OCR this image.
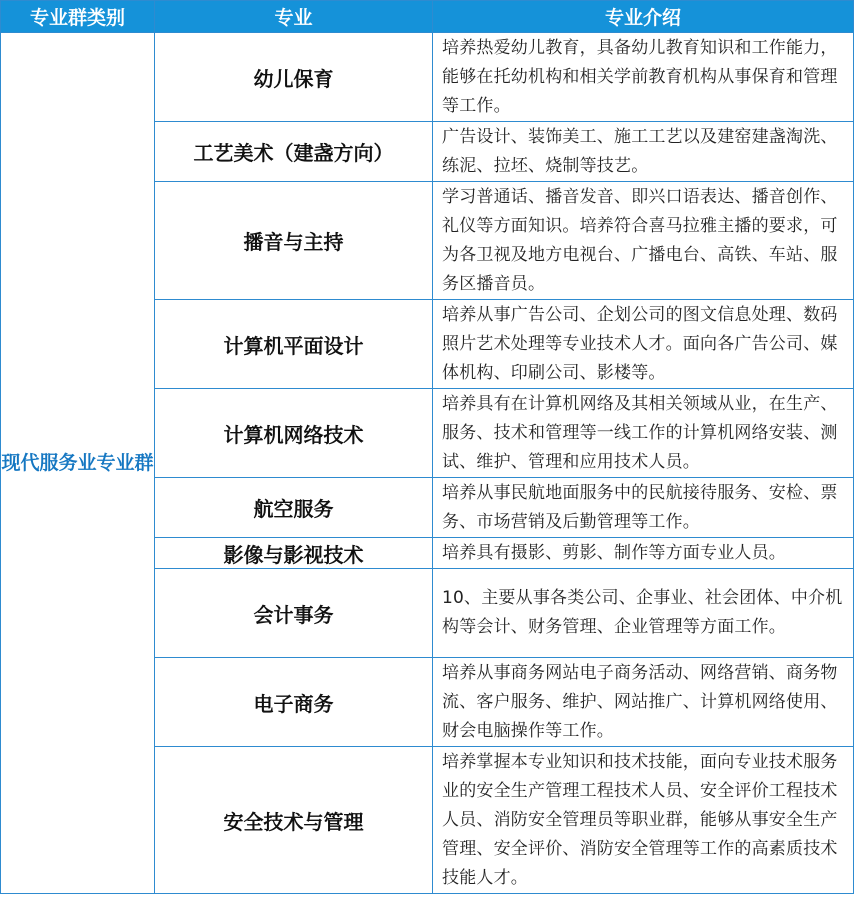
专业群类别	专业	专业介绍
现代服务业专业群	幼儿保育	培养热爱幼儿教育，具备幼儿教育知识和工作能力，能够在托幼机构和相关学前教育机构从事保育和管理等工作。
	工艺美术（建盏方向）	广告设计、装饰美工、施工工艺以及建窑建盏淘洗、练泥、拉坯、烧制等技艺。
	播音与主持	学习普通话、播音发音、即兴口语表达、播音创作、礼仪等方面知识。培养符合喜马拉雅主播的要求，可为各卫视及地方电视台、广播电台、高铁、车站、服务区播音员。
	计算机平面设计	培养从事广告公司、企划公司的图文信息处理、数码照片艺术处理等专业技术人才。面向各广告公司、媒体机构、印刷公司、影楼等。
	计算机网络技术	培养具有在计算机网络及其相关领域从业，在生产、服务、技术和管理等一线工作的计算机网络安装、测试、维护、管理和应用技术人员。
	航空服务	培养从事民航地面服务中的民航接待服务、安检、票务、市场营销及后勤管理等工作。
	影像与影视技术	培养具有摄影、剪影、制作等方面专业人员。
	会计事务	10、主要从事各类公司、企事业、社会团体、中介机构等会计、财务管理、企业管理等方面工作。
	电子商务	培养从事商务网站电子商务活动、网络营销、商务物流、客户服务、维护、网站推广、计算机网络使用、财会电脑操作等工作。
	安全技术与管理	培养掌握本专业知识和技术技能，面向专业技术服务业的安全生产管理工程技术人员、安全评价工程技术人员、消防安全管理员等职业群，能够从事安全生产管理、安全评价、消防安全管理等工作的高素质技术技能人才。
